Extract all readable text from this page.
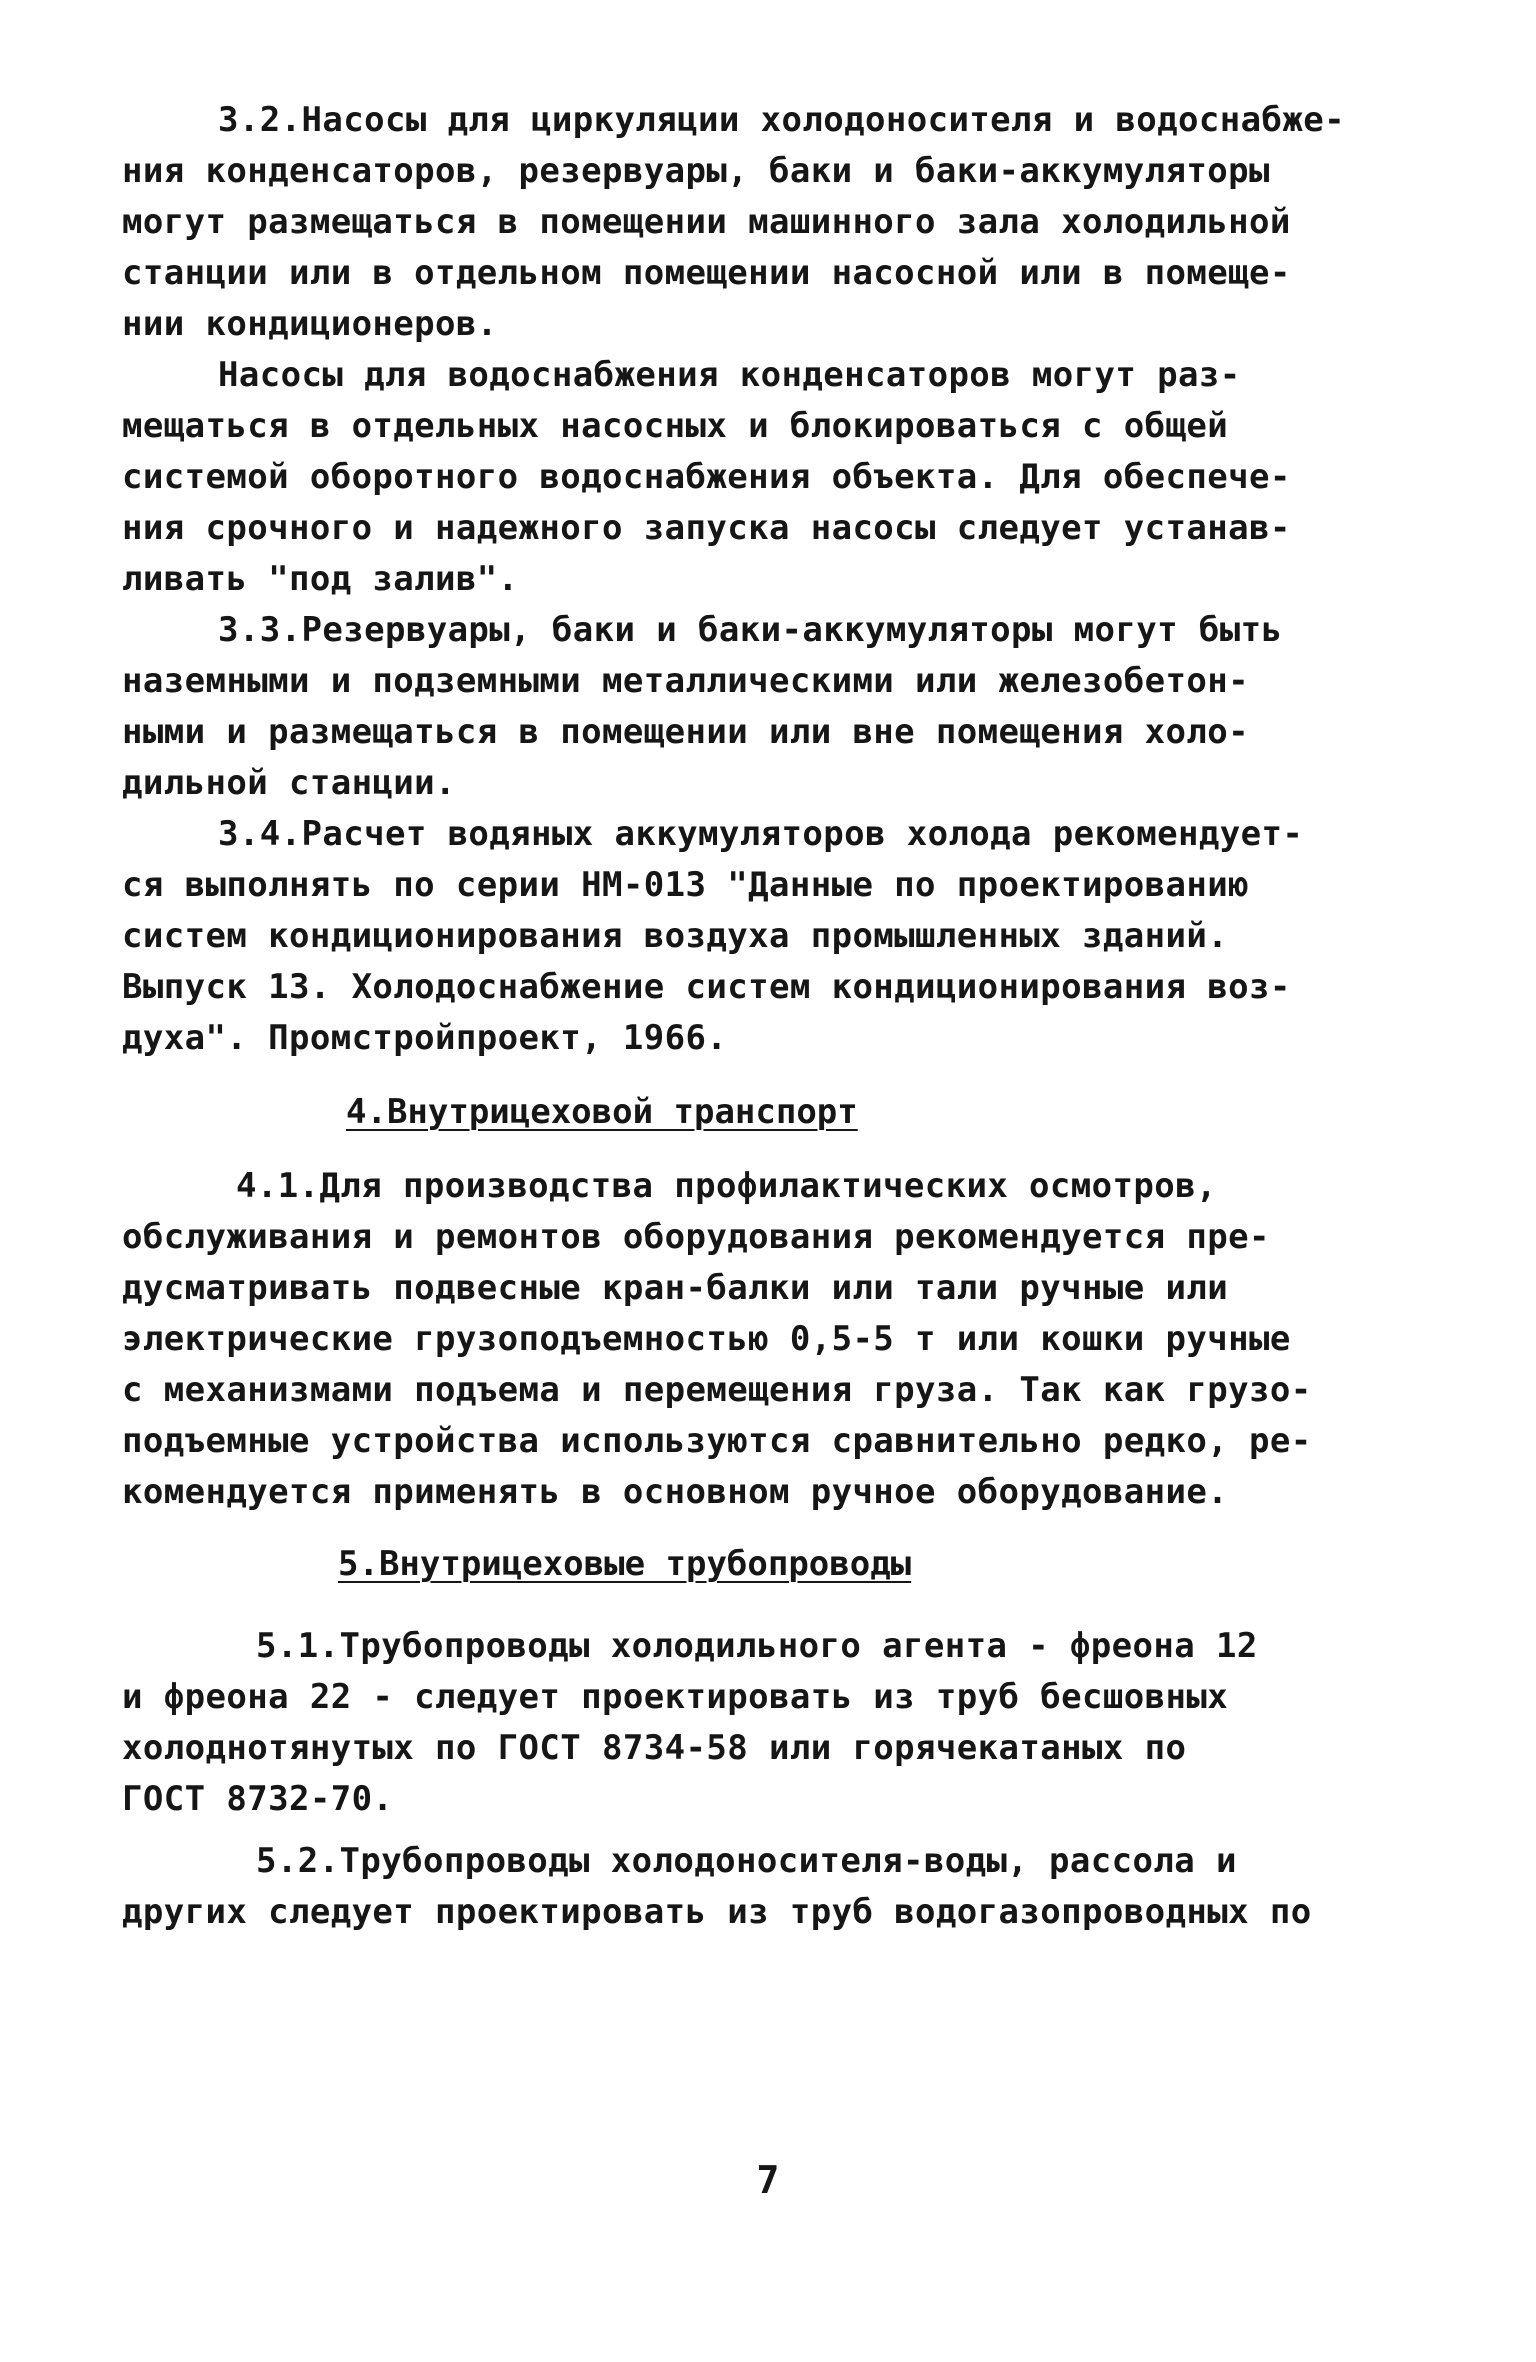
3.2.Насосы для циркуляции холодоносителя и водоснабже-
ния конденсаторов, резервуары, баки и баки-аккумуляторы
могут размещаться в помещении машинного зала холодильной
станции или в отдельном помещении насосной или в помеще-
нии кондиционеров.
Насосы для водоснабжения конденсаторов могут раз-
мещаться в отдельных насосных и блокироваться с общей
системой оборотного водоснабжения объекта. Для обеспече-
ния срочного и надежного запуска насосы следует устанав-
ливать "под залив".
3.3.Резервуары, баки и баки-аккумуляторы могут быть
наземными и подземными металлическими или железобетон-
ными и размещаться в помещении или вне помещения холо-
дильной станции.
3.4.Расчет водяных аккумуляторов холода рекомендует-
ся выполнять по серии НМ-013 "Данные по проектированию
систем кондиционирования воздуха промышленных зданий.
Выпуск 13. Холодоснабжение систем кондиционирования воз-
духа". Промстройпроект, 1966.
4.Внутрицеховой транспорт
4.1.Для производства профилактических осмотров,
обслуживания и ремонтов оборудования рекомендуется пре-
дусматривать подвесные кран-балки или тали ручные или
электрические грузоподъемностью 0,5-5 т или кошки ручные
с механизмами подъема и перемещения груза. Так как грузо-
подъемные устройства используются сравнительно редко, ре-
комендуется применять в основном ручное оборудование.
5.Внутрицеховые трубопроводы
5.1.Трубопроводы холодильного агента - фреона 12
и фреона 22 - следует проектировать из труб бесшовных
холоднотянутых по ГОСТ 8734-58 или горячекатаных по
ГОСТ 8732-70.
5.2.Трубопроводы холодоносителя-воды, рассола и
других следует проектировать из труб водогазопроводных по
7
